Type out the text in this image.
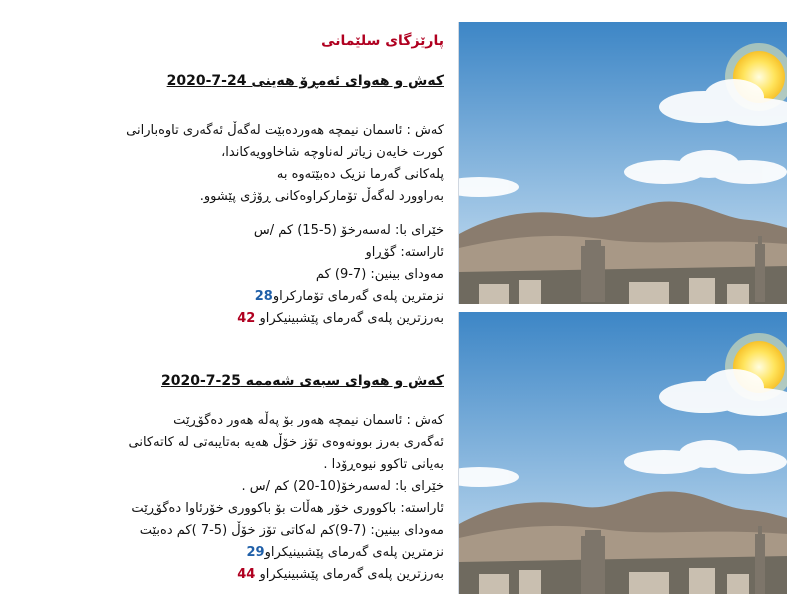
پارێزگای سلێمانی
کەش و هەوای ئەمڕۆ هەینی 24-7-2020

کەش : ئاسمان نیمچە هەوردەبێت لەگەڵ ئەگەری تاوەبارانی

کورت خایەن زیاتر لەناوچە شاخاوویەکاندا،

پلەکانی گەرما نزیک دەبێتەوە بە

بەراوورد لەگەڵ تۆمارکراوەکانی ڕۆژی پێشوو.

خێرای با: لەسەرخۆ (5-15) کم /س

ئاراستە: گۆڕاو

مەودای بینین: (7-9) کم

نزمترین پلەی گەرمای تۆمارکراو28

بەرزترین پلەی گەرمای پێشبینیکراو 42

کەش و هەوای سبەی شەممە 25-7-2020

کەش : ئاسمان نیمچە هەور بۆ پەڵە هەور دەگۆڕێت

ئەگەری بەرز بوونەوەی تۆز خۆڵ هەیە بەتایبەتی لە کاتەکانی

بەیانی تاکوو نیوەڕۆدا .

خێرای با: لەسەرخۆ(10-20) کم /س .

ئاراستە: باکووری خۆر هەڵات بۆ باکووری خۆرئاوا دەگۆڕێت

مەودای بینین: (7-9)کم لەکاتی تۆز خۆڵ (5-7 )کم دەبێت

نزمترین پلەی گەرمای پێشبینیکراو29

بەرزترین پلەی گەرمای پێشبینیکراو 44
